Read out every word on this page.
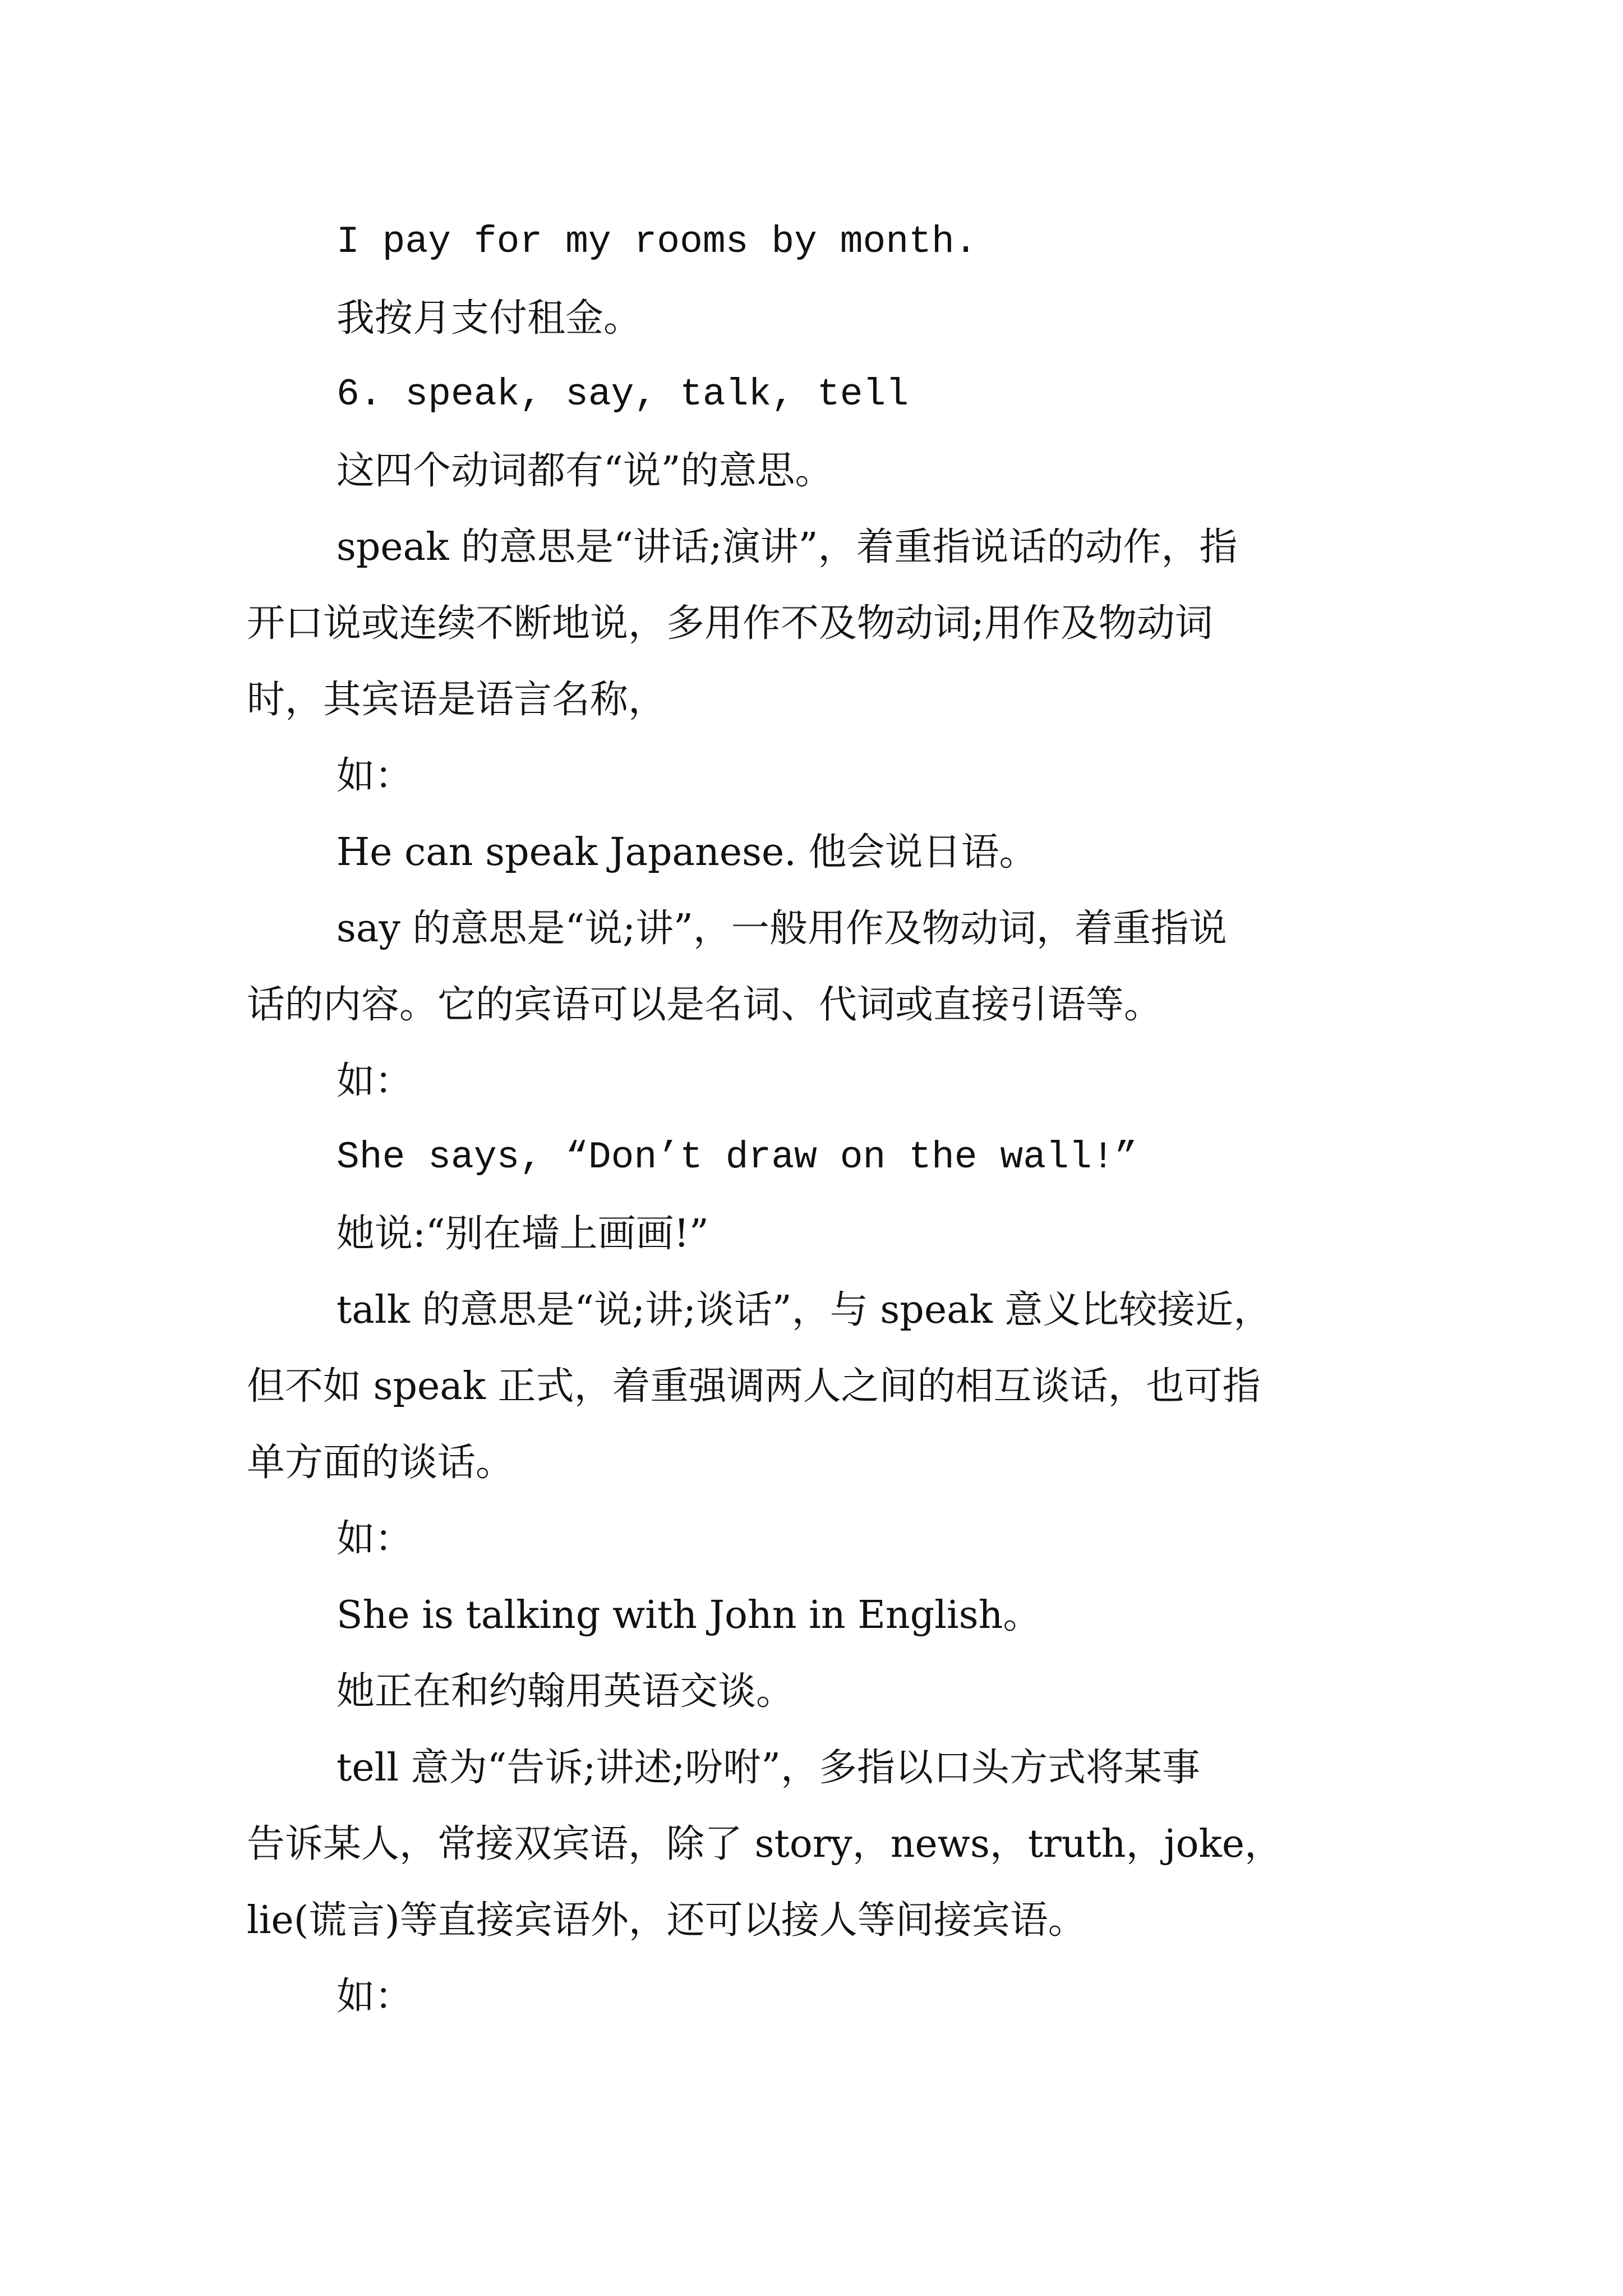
I pay for my rooms by month.
我按月支付租金。
6. speak, say, talk, tell
这四个动词都有“说”的意思。
speak 的意思是“讲话;演讲”，着重指说话的动作，指
开口说或连续不断地说，多用作不及物动词;用作及物动词
时，其宾语是语言名称，
如：
He can speak Japanese. 他会说日语。
say 的意思是“说;讲”，一般用作及物动词，着重指说
话的内容。它的宾语可以是名词、代词或直接引语等。
如：
She says, “Don’t draw on the wall!”
她说:“别在墙上画画!”
talk 的意思是“说;讲;谈话”，与 speak 意义比较接近，
但不如 speak 正式，着重强调两人之间的相互谈话，也可指
单方面的谈话。
如：
She is talking with John in English。
她正在和约翰用英语交谈。
tell 意为“告诉;讲述;吩咐”，多指以口头方式将某事
告诉某人，常接双宾语，除了 story，news，truth，joke，
lie(谎言)等直接宾语外，还可以接人等间接宾语。
如：
